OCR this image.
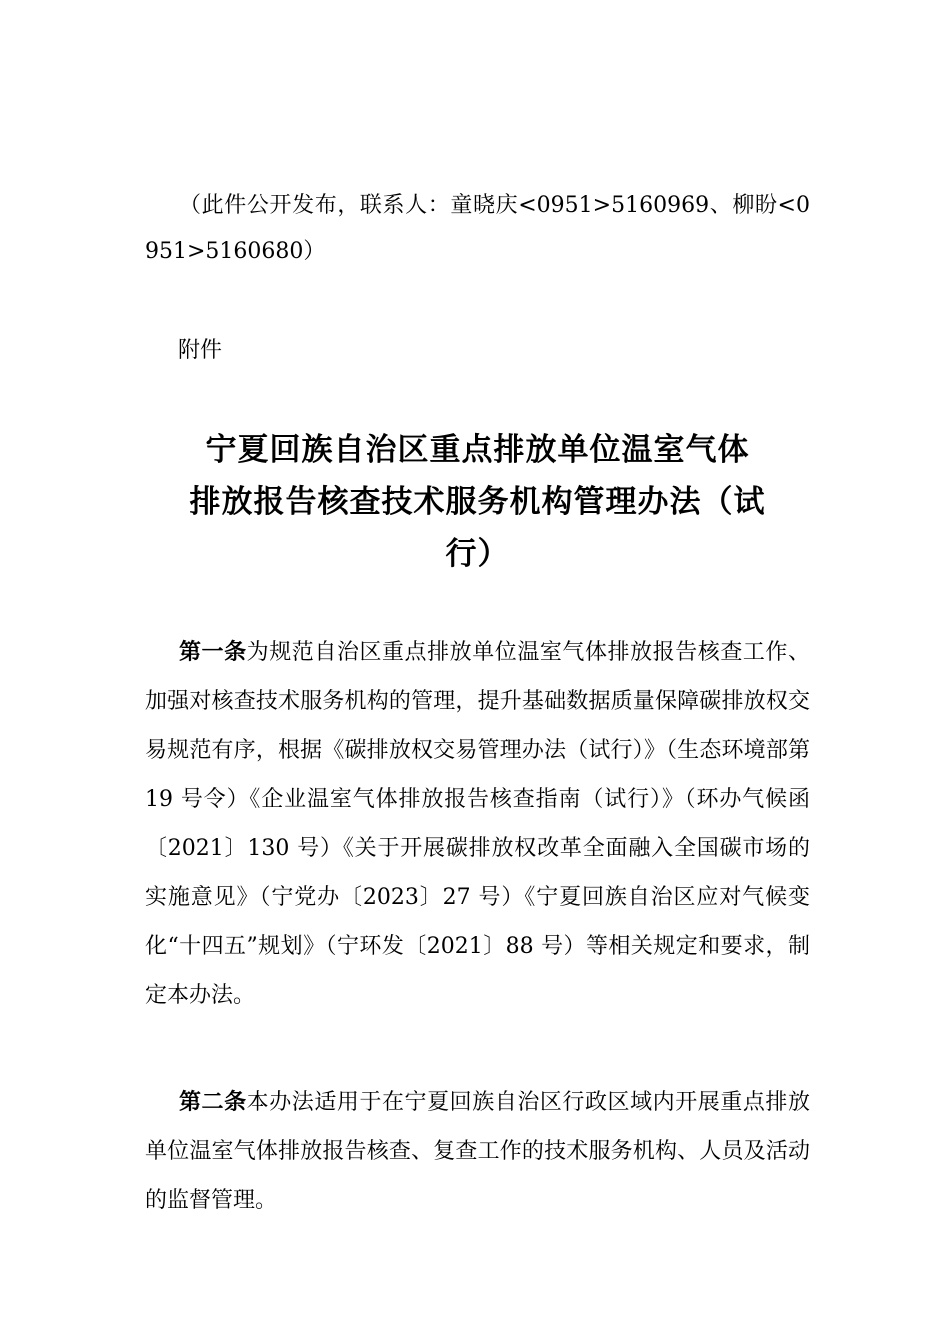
（此件公开发布，联系人：童晓庆<0951>5160969、柳盼<0951>5160680）

附件
宁夏回族自治区重点排放单位温室气体
排放报告核查技术服务机构管理办法（试
行）

第一条为规范自治区重点排放单位温室气体排放报告核查工作、加强对核查技术服务机构的管理，提升基础数据质量保障碳排放权交易规范有序，根据《碳排放权交易管理办法（试行）》（生态环境部第 19 号令）《企业温室气体排放报告核查指南（试行）》（环办气候函〔2021〕130 号）《关于开展碳排放权改革全面融入全国碳市场的实施意见》（宁党办〔2023〕27 号）《宁夏回族自治区应对气候变化“十四五”规划》（宁环发〔2021〕88 号）等相关规定和要求，制定本办法。

第二条本办法适用于在宁夏回族自治区行政区域内开展重点排放单位温室气体排放报告核查、复查工作的技术服务机构、人员及活动的监督管理。
